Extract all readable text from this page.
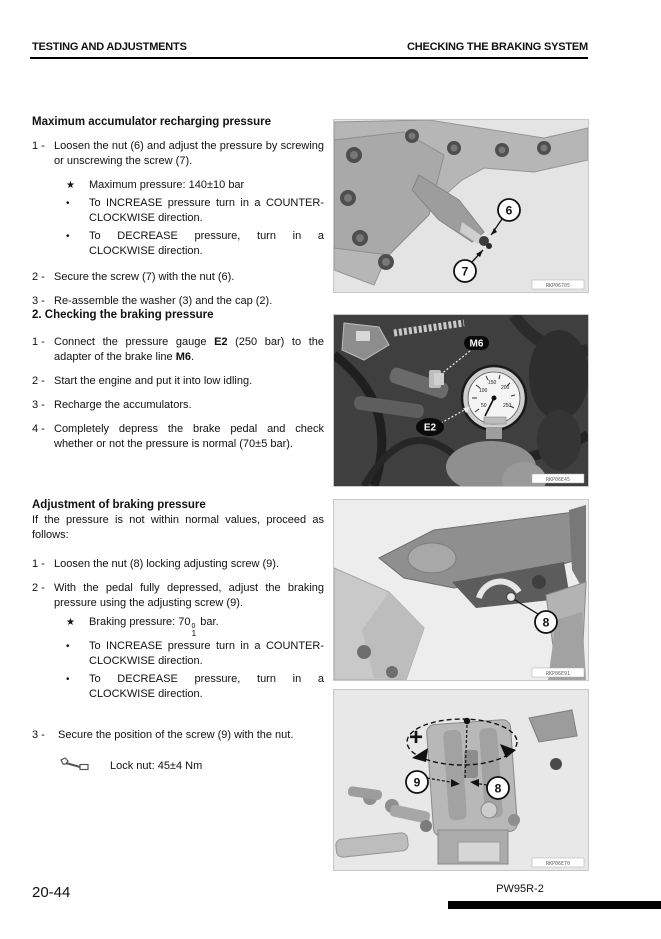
TESTING AND ADJUSTMENTS	CHECKING THE BRAKING SYSTEM
Maximum accumulator recharging pressure
1 - Loosen the nut (6) and adjust the pressure by screwing or unscrewing the screw (7).
★	Maximum pressure: 140±10 bar
•	To INCREASE pressure turn in a COUNTER-CLOCKWISE direction.
•	To DECREASE pressure, turn in a CLOCKWISE direction.
2 - Secure the screw (7) with the nut (6).
3 - Re-assemble the washer (3) and the cap (2).
2. Checking the braking pressure
1 - Connect the pressure gauge E2 (250 bar) to the adapter of the brake line M6.
2 - Start the engine and put it into low idling.
3 - Recharge the accumulators.
4 - Completely depress the brake pedal and check whether or not the pressure is normal (70±5 bar).
Adjustment of braking pressure

If the pressure is not within normal values, proceed as follows:

1 - Loosen the nut (8) locking adjusting screw (9).
2 - With the pedal fully depressed, adjust the braking pressure using the adjusting screw (9).
★	Braking pressure: 70 0
1
bar.
•	To INCREASE pressure turn in a COUNTER-CLOCKWISE direction.
•	To DECREASE pressure, turn in a CLOCKWISE direction.
3 -	Secure the position of the screw (9) with the nut.
Lock nut: 45±4 Nm
6
7
RKP06705
50
100
150
200
250
M6
E2
RKP06E45
8
RKP06E91
+
9	8
RKP06E70
20-44	PW95R-2
